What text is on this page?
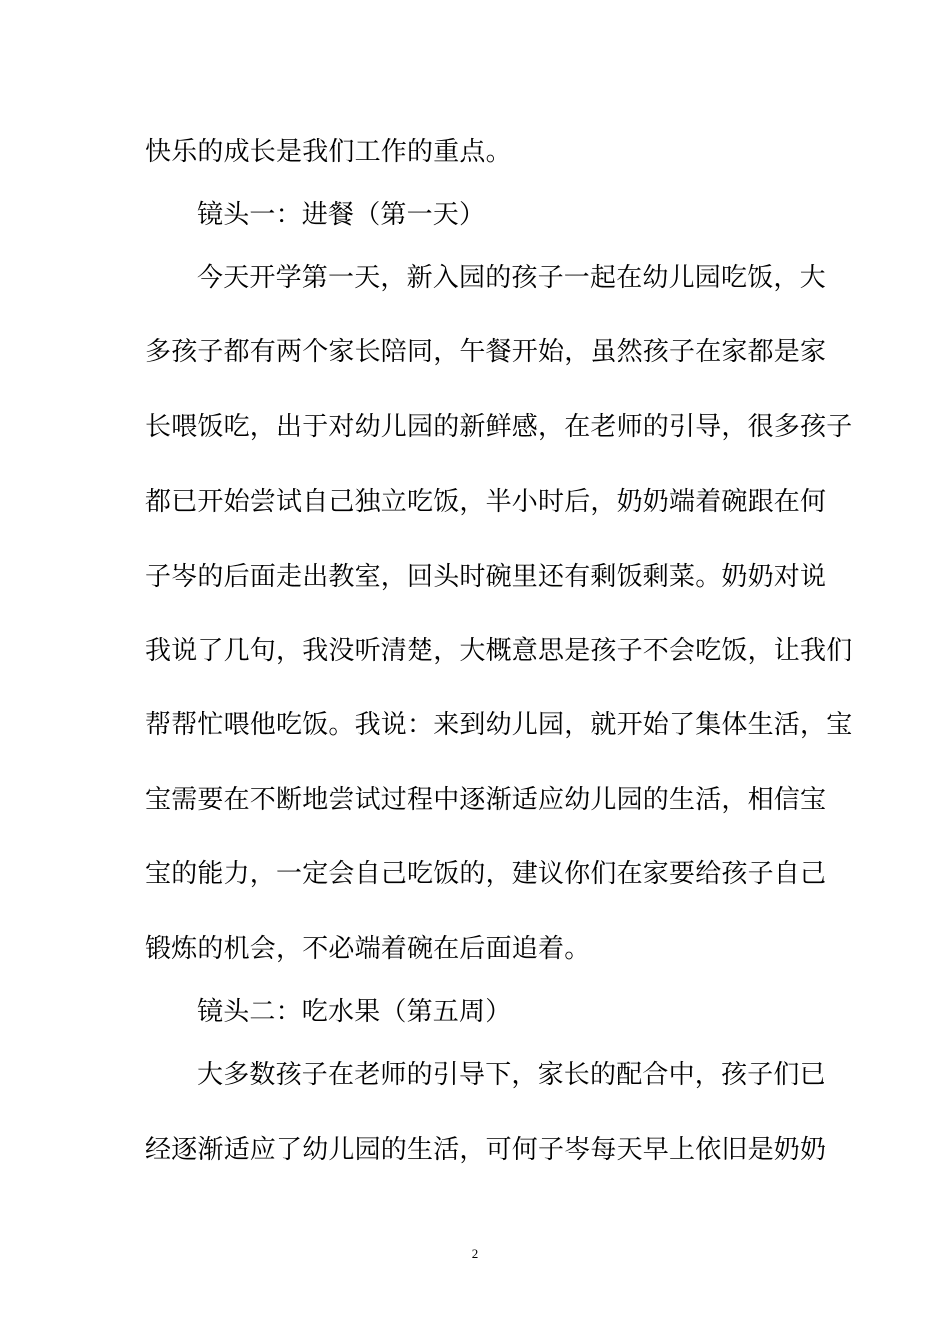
快乐的成长是我们工作的重点。
镜头一：进餐（第一天）
今天开学第一天，新入园的孩子一起在幼儿园吃饭，大
多孩子都有两个家长陪同，午餐开始，虽然孩子在家都是家
长喂饭吃，出于对幼儿园的新鲜感，在老师的引导，很多孩子
都已开始尝试自己独立吃饭，半小时后，奶奶端着碗跟在何
子岑的后面走出教室，回头时碗里还有剩饭剩菜。奶奶对说
我说了几句，我没听清楚，大概意思是孩子不会吃饭，让我们
帮帮忙喂他吃饭。我说：来到幼儿园，就开始了集体生活，宝
宝需要在不断地尝试过程中逐渐适应幼儿园的生活，相信宝
宝的能力，一定会自己吃饭的，建议你们在家要给孩子自己
锻炼的机会，不必端着碗在后面追着。
镜头二：吃水果（第五周）
大多数孩子在老师的引导下，家长的配合中，孩子们已
经逐渐适应了幼儿园的生活，可何子岑每天早上依旧是奶奶
2
